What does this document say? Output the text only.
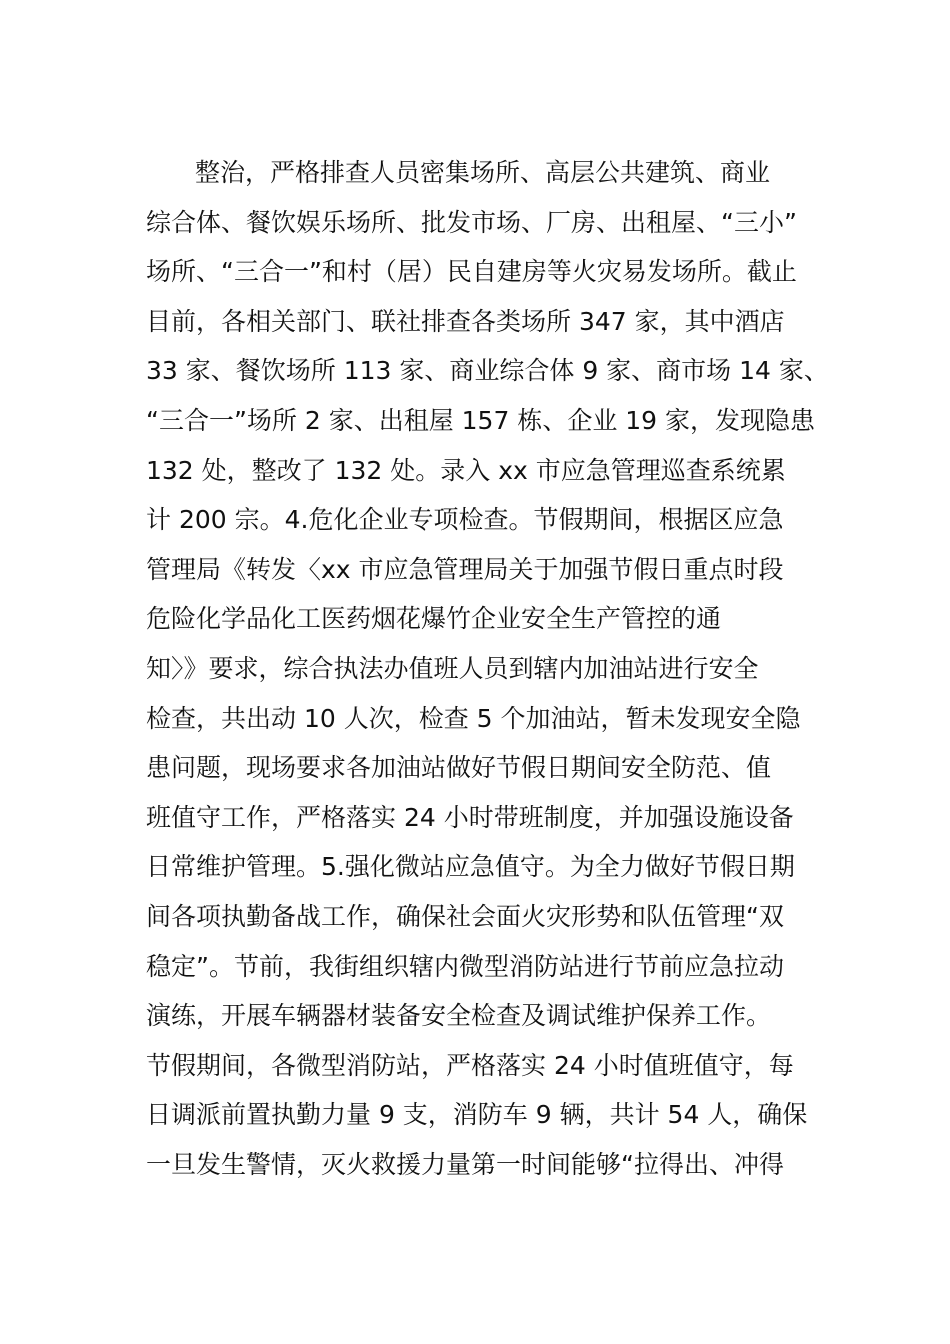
整治，严格排查人员密集场所、高层公共建筑、商业
综合体、餐饮娱乐场所、批发市场、厂房、出租屋、“三小”
场所、“三合一”和村（居）民自建房等火灾易发场所。截止
目前，各相关部门、联社排查各类场所 347 家，其中酒店
33 家、餐饮场所 113 家、商业综合体 9 家、商市场 14 家、
“三合一”场所 2 家、出租屋 157 栋、企业 19 家，发现隐患
132 处，整改了 132 处。录入 xx 市应急管理巡查系统累
计 200 宗。4.危化企业专项检查。节假期间，根据区应急
管理局《转发〈xx 市应急管理局关于加强节假日重点时段
危险化学品化工医药烟花爆竹企业安全生产管控的通
知〉》要求，综合执法办值班人员到辖内加油站进行安全
检查，共出动 10 人次，检查 5 个加油站，暂未发现安全隐
患问题，现场要求各加油站做好节假日期间安全防范、值
班值守工作，严格落实 24 小时带班制度，并加强设施设备
日常维护管理。5.强化微站应急值守。为全力做好节假日期
间各项执勤备战工作，确保社会面火灾形势和队伍管理“双
稳定”。节前，我街组织辖内微型消防站进行节前应急拉动
演练，开展车辆器材装备安全检查及调试维护保养工作。
节假期间，各微型消防站，严格落实 24 小时值班值守，每
日调派前置执勤力量 9 支，消防车 9 辆，共计 54 人，确保
一旦发生警情，灭火救援力量第一时间能够“拉得出、冲得
